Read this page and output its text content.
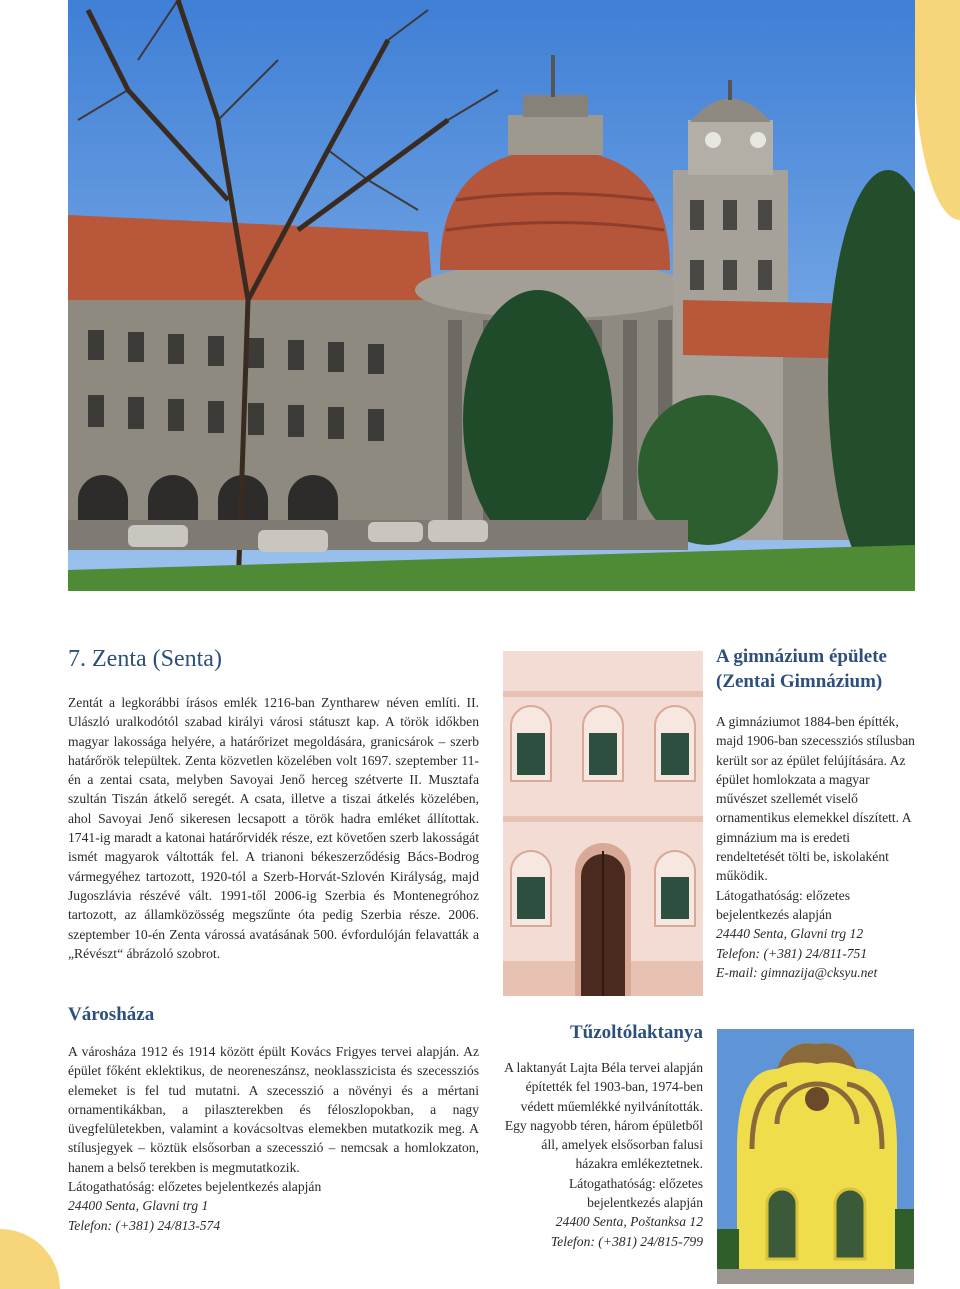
7. Zenta (Senta)

Zentát a legkorábbi írásos emlék 1216-ban Zyntharew néven említi. II. Ulászló uralkodótól szabad királyi városi státuszt kap. A török időkben magyar lakossága helyére, a határőrizet megoldására, granicsárok – szerb határőrök települtek. Zenta közvetlen közelében volt 1697. szeptember 11-én a zentai csata, melyben Savoyai Jenő herceg szétverte II. Musztafa szultán Tiszán átkelő seregét. A csata, illetve a tiszai átkelés közelében, ahol Savoyai Jenő sikeresen lecsapott a török hadra emléket állítottak. 1741-ig maradt a katonai határőrvidék része, ezt követően szerb lakosságát ismét magyarok váltották fel. A trianoni békeszerződésig Bács-Bodrog vármegyéhez tartozott, 1920-tól a Szerb-Horvát-Szlovén Királyság, majd Jugoszlávia részévé vált. 1991-től 2006-ig Szerbia és Montenegróhoz tartozott, az államközösség megszűnte óta pedig Szerbia része. 2006. szeptember 10-én Zenta várossá avatásának 500. évfordulóján felavatták a „Révészt“ ábrázoló szobrot.

A gimnázium épülete (Zentai Gimnázium)

A gimnáziumot 1884-ben építték, majd 1906-ban szecessziós stílusban került sor az épület felújítására. Az épület homlokzata a magyar művészet szellemét viselő ornamentikus elemekkel díszített. A gimnázium ma is eredeti rendeltetését tölti be, iskolaként működik.

Látogathatóság: előzetes bejelentkezés alapján

24440 Senta, Glavni trg 12

Telefon: (+381) 24/811-751

E-mail: gimnazija@cksyu.net

Városháza

A városháza 1912 és 1914 között épült Kovács Frigyes tervei alapján. Az épület főként eklektikus, de neoreneszánsz, neoklasszicista és szecessziós elemeket is fel tud mutatni. A szecesszió a növényi és a mértani ornamentikákban, a pilaszterekben és féloszlopokban, a nagy üvegfelületekben, valamint a kovácsoltvas elemekben mutatkozik meg. A stílusjegyek – köztük elsősorban a szecesszió – nemcsak a homlokzaton, hanem a belső terekben is megmutatkozik.

Látogathatóság: előzetes bejelentkezés alapján

24400 Senta, Glavni trg 1

Telefon: (+381) 24/813-574

Tűzoltólaktanya

A laktanyát Lajta Béla tervei alapján építették fel 1903-ban, 1974-ben védett műemlékké nyilvánították. Egy nagyobb téren, három épületből áll, amelyek elsősorban falusi házakra emlékeztetnek.

Látogathatóság: előzetes bejelentkezés alapján

24400 Senta, Poštanksa 12

Telefon: (+381) 24/815-799
